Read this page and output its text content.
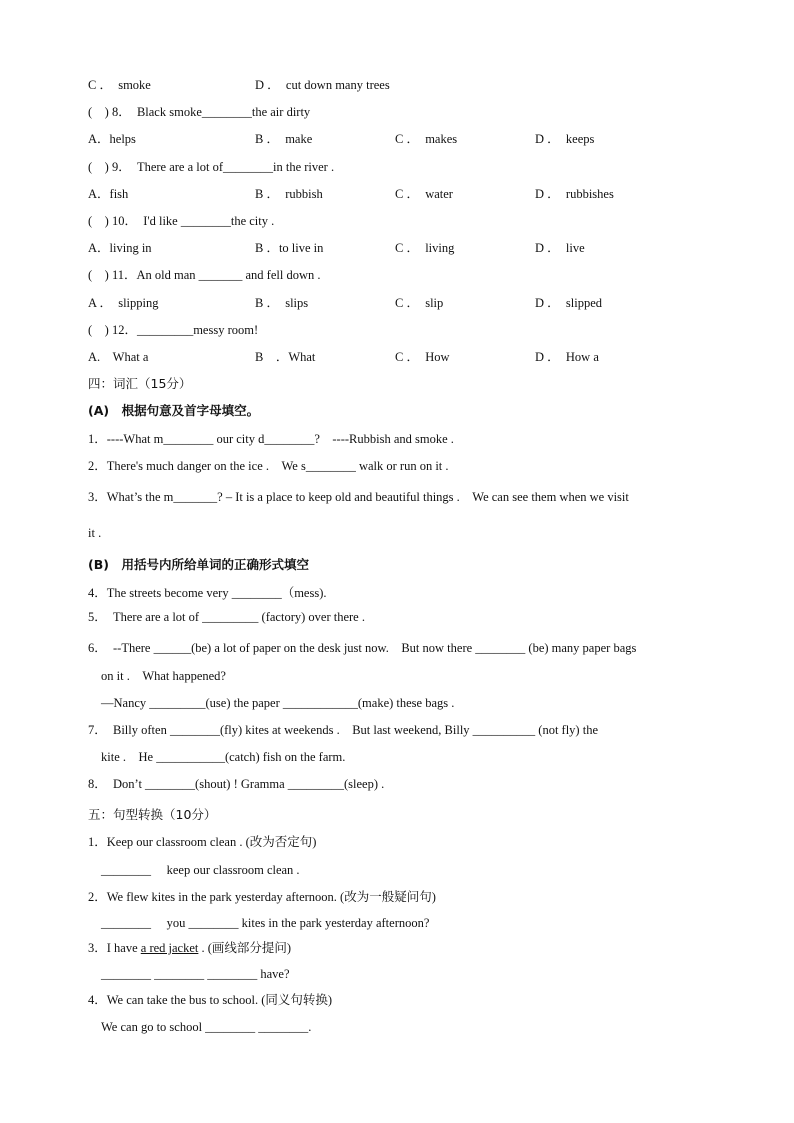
C ．　smoke	D ．　cut down many trees
(　) 8．　Black smoke________the air dirty
A．helps	B ．　make	C ．　makes	D ．　keeps
(　) 9．　There are a lot of________in the river .
A．fish	B ．　rubbish	C ．　water	D ．　rubbishes
(　) 10．　I'd like ________the city .
A．living in	B ．to live in	C ．　living	D ．　live
(　) 11．An old man _______ and fell down .
A ．　slipping	B ．　slips	C ．　slip	D ．　slipped
(　) 12．_________messy room!
A.　What a	B　．What	C ．　How	D ．　How a
四：词汇（15分）
(A)　根据句意及首字母填空。
1．----What m________ our city d________?　----Rubbish and smoke .
2．There's much danger on the ice .　We s________ walk or run on it .
3．What’s the m_______? – It is a place to keep old and beautiful things .　We can see them when we visit
it .
(B)　用括号内所给单词的正确形式填空
4．The streets become very ________（mess).
5．　There are a lot of _________ (factory) over there .
6．　--There ______(be) a lot of paper on the desk just now.　But now there ________ (be) many paper bags
on it .　What happened?
—Nancy _________(use) the paper ____________(make) these bags .
7．　Billy often ________(fly) kites at weekends .　But last weekend, Billy __________ (not fly) the
kite .　He ___________(catch) fish on the farm.
8．　Don’t ________(shout) ! Gramma _________(sleep) .
五：句型转换（10分）
1．Keep our classroom clean . (改为否定句)
________　 keep our classroom clean .
2．We flew kites in the park yesterday afternoon. (改为一般疑问句)
________　 you ________ kites in the park yesterday afternoon?
3．I have a red jacket . (画线部分提问)
________ ________ ________ have?
4．We can take the bus to school. (同义句转换)
We can go to school ________ ________.
